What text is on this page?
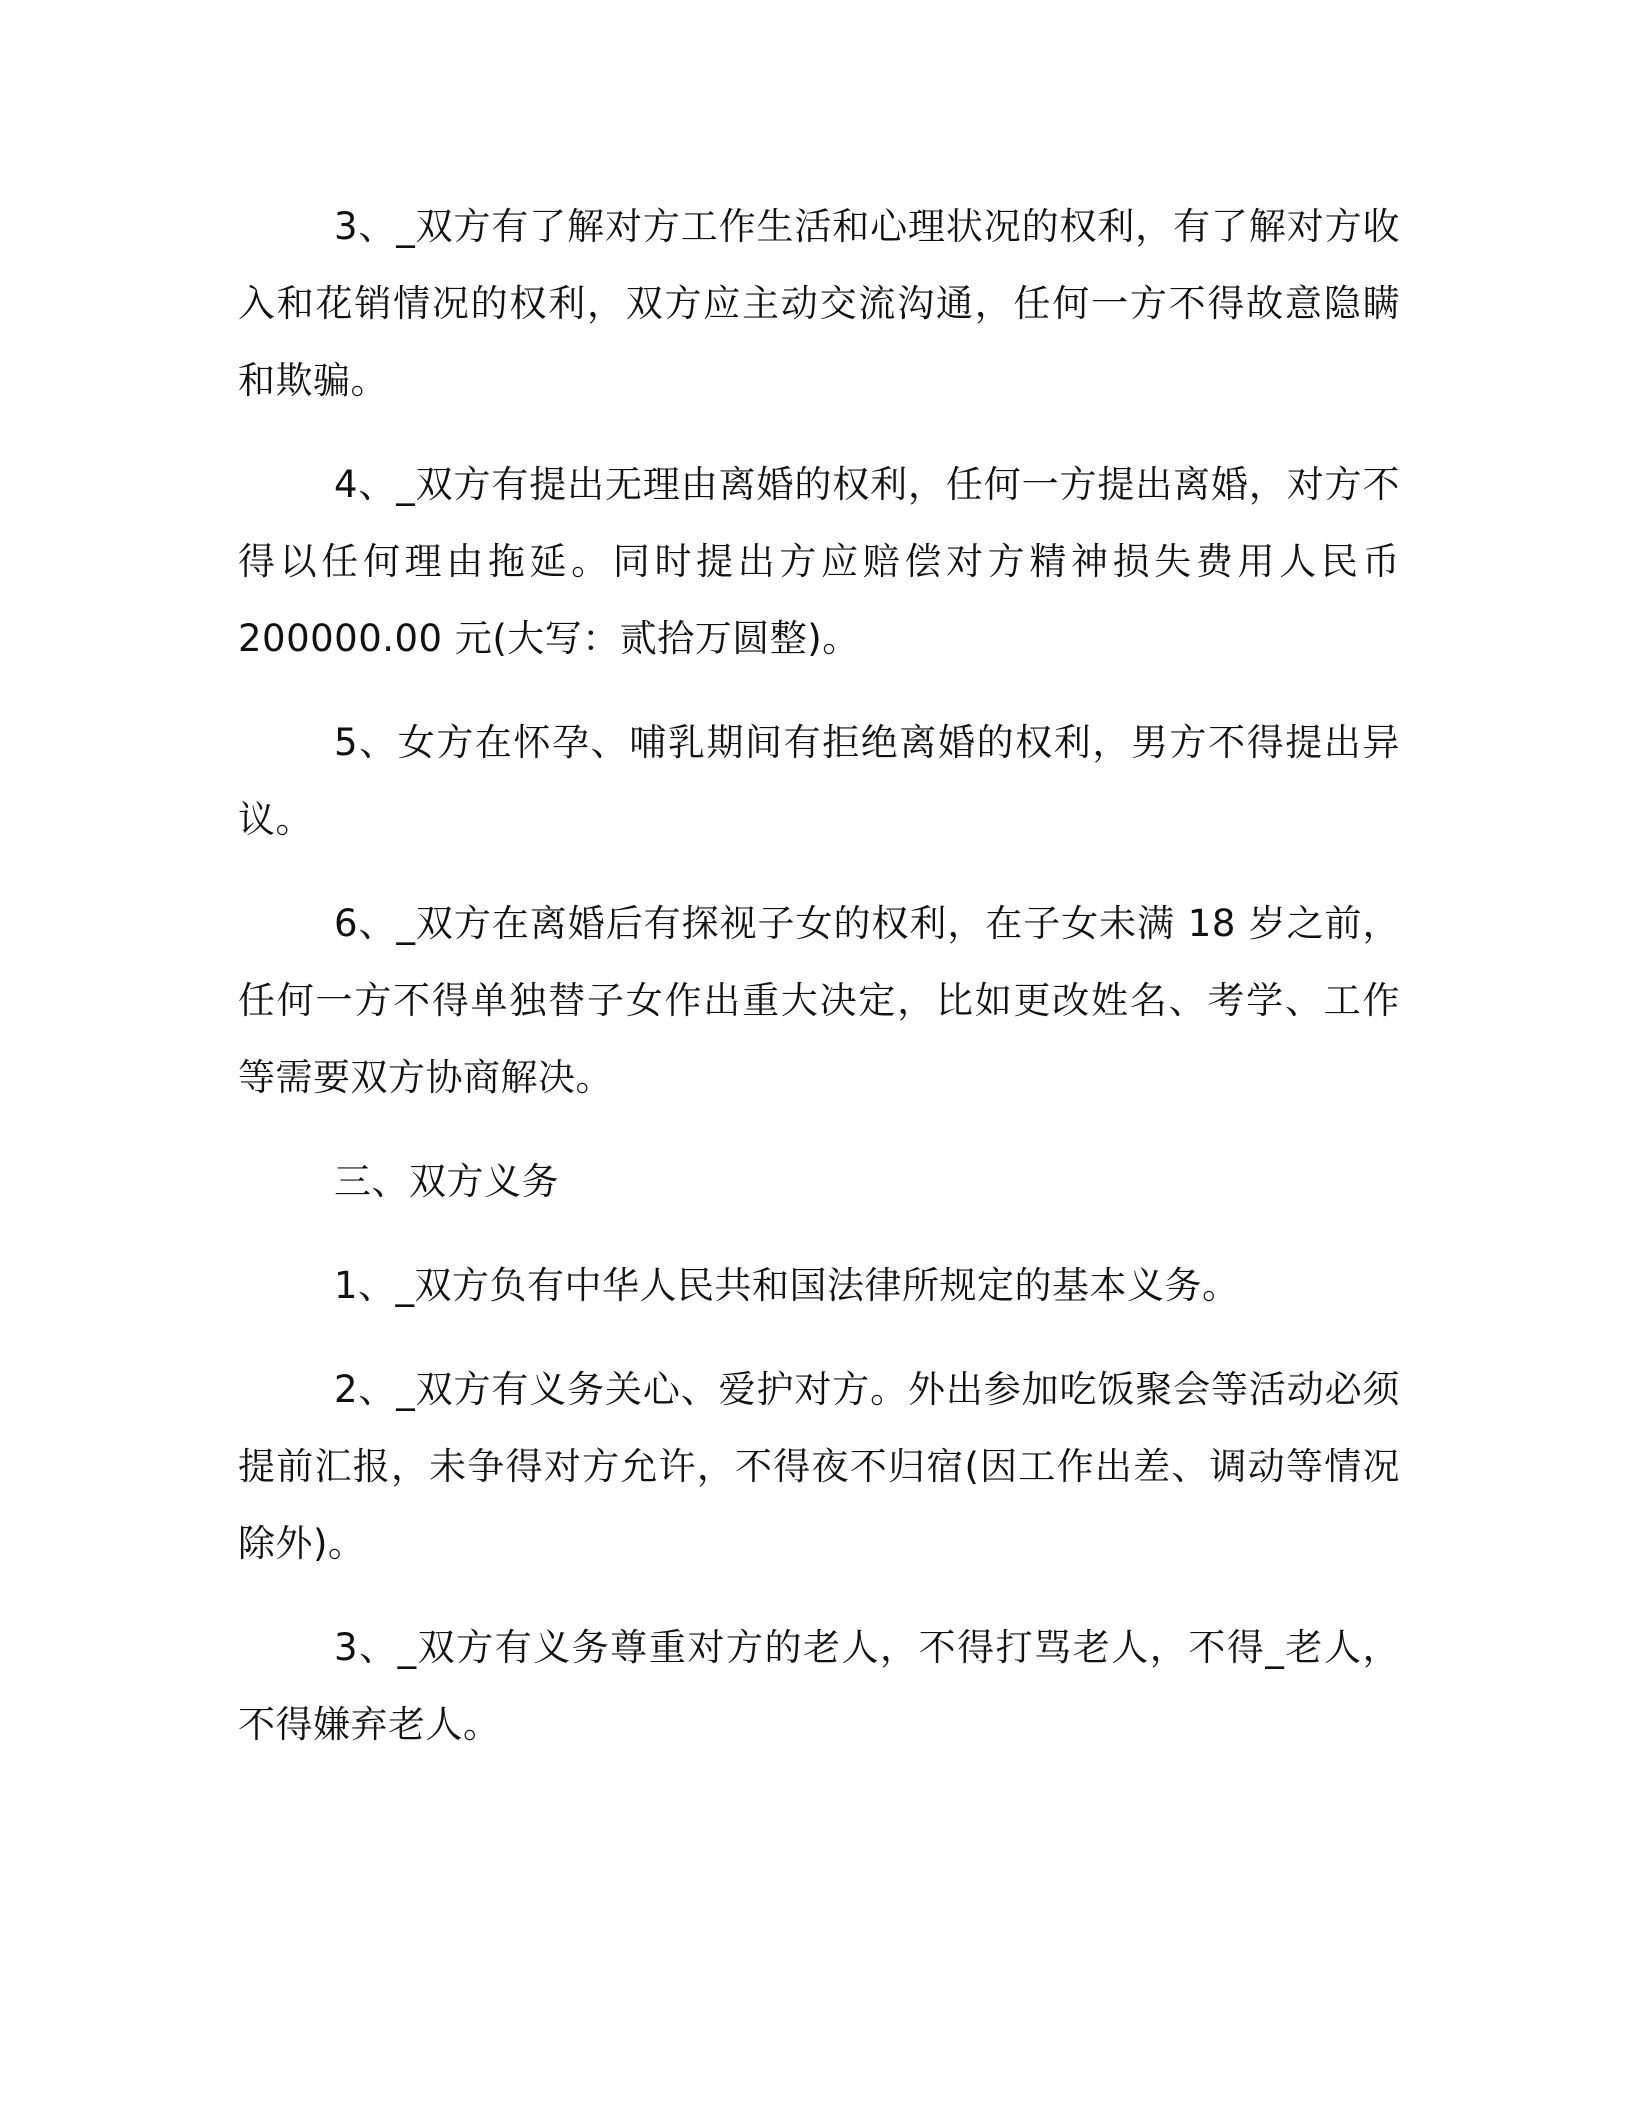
3、_双方有了解对方工作生活和心理状况的权利，有了解对方收入和花销情况的权利，双方应主动交流沟通，任何一方不得故意隐瞒和欺骗。

4、_双方有提出无理由离婚的权利，任何一方提出离婚，对方不得以任何理由拖延。同时提出方应赔偿对方精神损失费用人民币200000.00 元(大写：贰拾万圆整)。

5、女方在怀孕、哺乳期间有拒绝离婚的权利，男方不得提出异议。

6、_双方在离婚后有探视子女的权利，在子女未满 18 岁之前，任何一方不得单独替子女作出重大决定，比如更改姓名、考学、工作等需要双方协商解决。

三、双方义务

1、_双方负有中华人民共和国法律所规定的基本义务。

2、_双方有义务关心、爱护对方。外出参加吃饭聚会等活动必须提前汇报，未争得对方允许，不得夜不归宿(因工作出差、调动等情况除外)。

3、_双方有义务尊重对方的老人，不得打骂老人，不得_老人，不得嫌弃老人。
